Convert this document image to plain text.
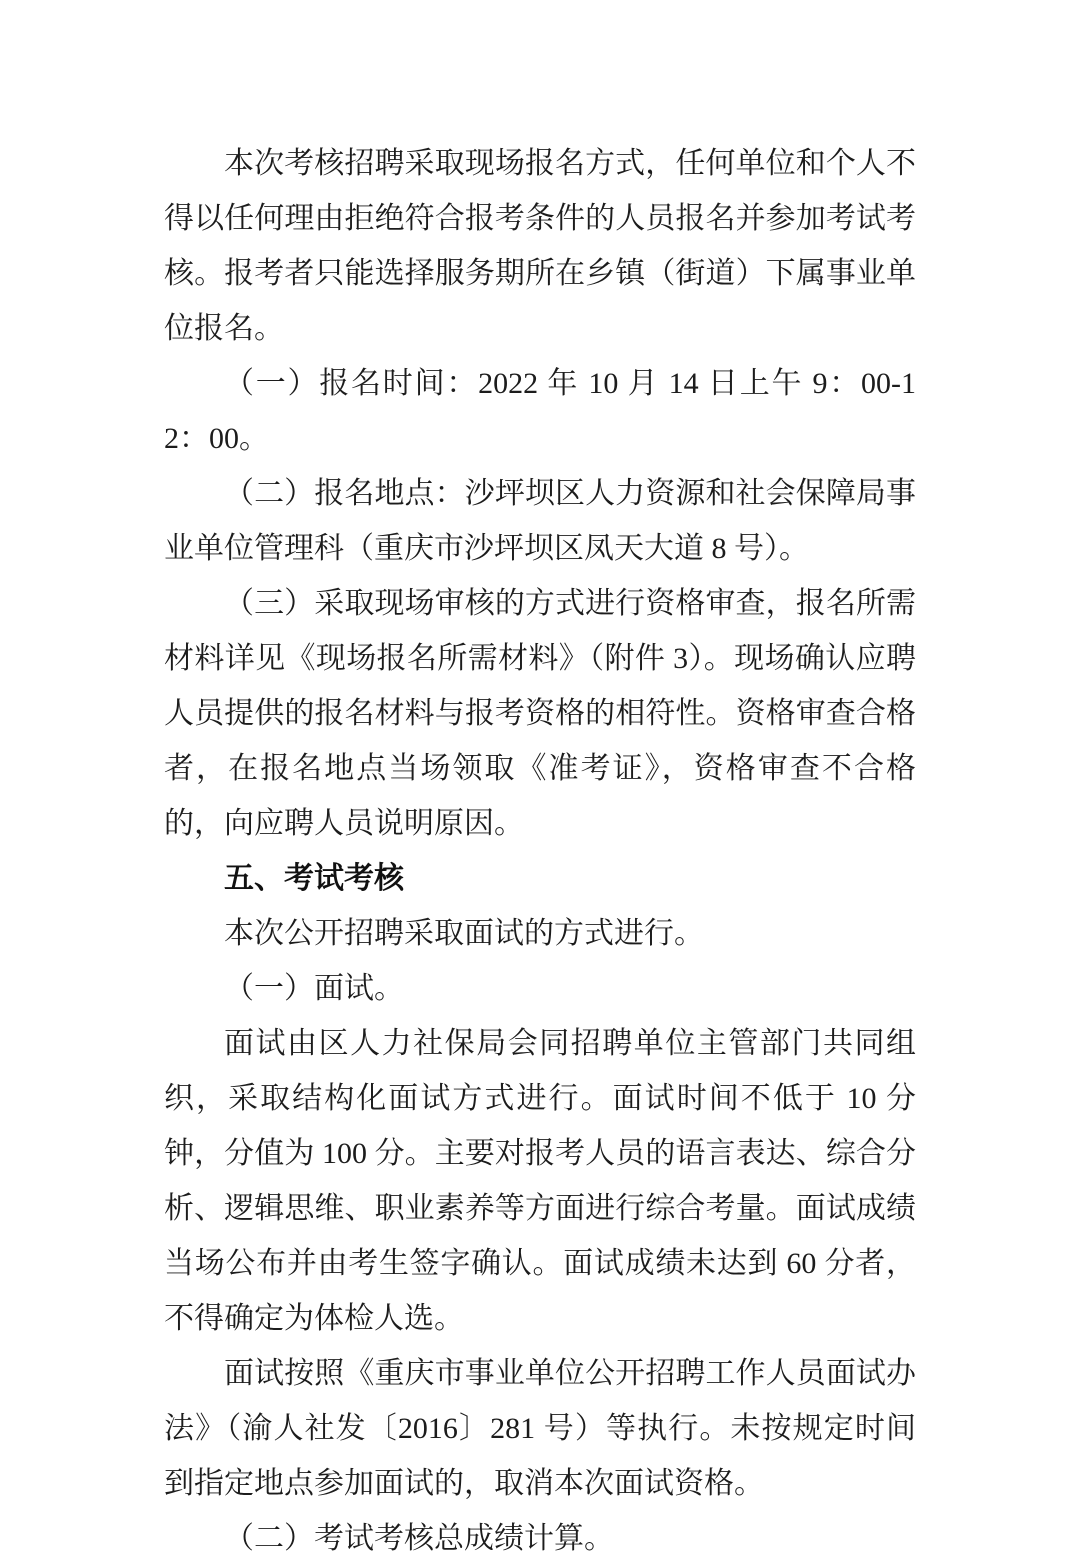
本次考核招聘采取现场报名方式，任何单位和个人不得以任何理由拒绝符合报考条件的人员报名并参加考试考核。报考者只能选择服务期所在乡镇（街道）下属事业单位报名。

（一）报名时间：2022 年 10 月 14 日上午 9：00-12：00。

（二）报名地点：沙坪坝区人力资源和社会保障局事业单位管理科（重庆市沙坪坝区凤天大道 8 号）。

（三）采取现场审核的方式进行资格审查，报名所需材料详见《现场报名所需材料》（附件 3）。现场确认应聘人员提供的报名材料与报考资格的相符性。资格审查合格者，在报名地点当场领取《准考证》，资格审查不合格的，向应聘人员说明原因。

五、考试考核

本次公开招聘采取面试的方式进行。

（一）面试。

面试由区人力社保局会同招聘单位主管部门共同组织，采取结构化面试方式进行。面试时间不低于 10 分钟，分值为 100 分。主要对报考人员的语言表达、综合分析、逻辑思维、职业素养等方面进行综合考量。面试成绩当场公布并由考生签字确认。面试成绩未达到 60 分者，不得确定为体检人选。

面试按照《重庆市事业单位公开招聘工作人员面试办法》（渝人社发〔2016〕281 号）等执行。未按规定时间到指定地点参加面试的，取消本次面试资格。

（二）考试考核总成绩计算。
